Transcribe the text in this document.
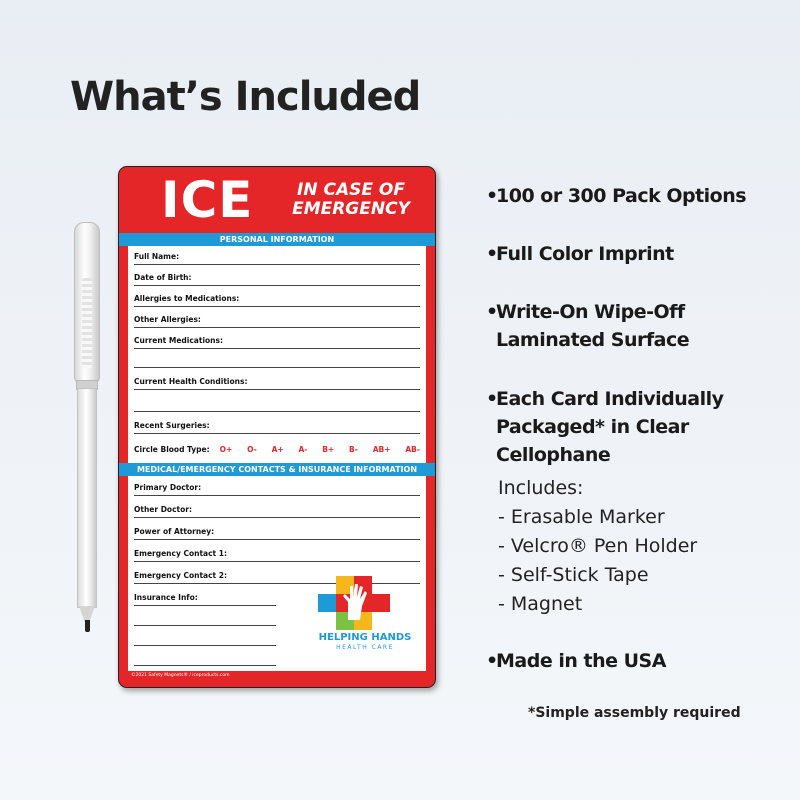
What’s Included
ICE	IN CASE OF
EMERGENCY
PERSONAL INFORMATION
Full Name:
Date of Birth:
Allergies to Medications:
Other Allergies:
Current Medications:
Current Health Conditions:
Recent Surgeries:
Circle Blood Type: O+ O- A+ A- B+ B- AB+ AB-
MEDICAL/EMERGENCY CONTACTS & INSURANCE INFORMATION
Primary Doctor:
Other Doctor:
Power of Attorney:
Emergency Contact 1:
Emergency Contact 2:
Insurance Info:
HELPING HANDS
HEALTH CARE
©2021 Safety Magnets® / iceproducts.com
•100 or 300 Pack Options
•Full Color Imprint
•Write-On Wipe-Off
Laminated Surface
•Each Card Individually
Packaged* in Clear
Cellophane
Includes:
- Erasable Marker
- Velcro® Pen Holder
- Self-Stick Tape
- Magnet
•Made in the USA
*Simple assembly required
